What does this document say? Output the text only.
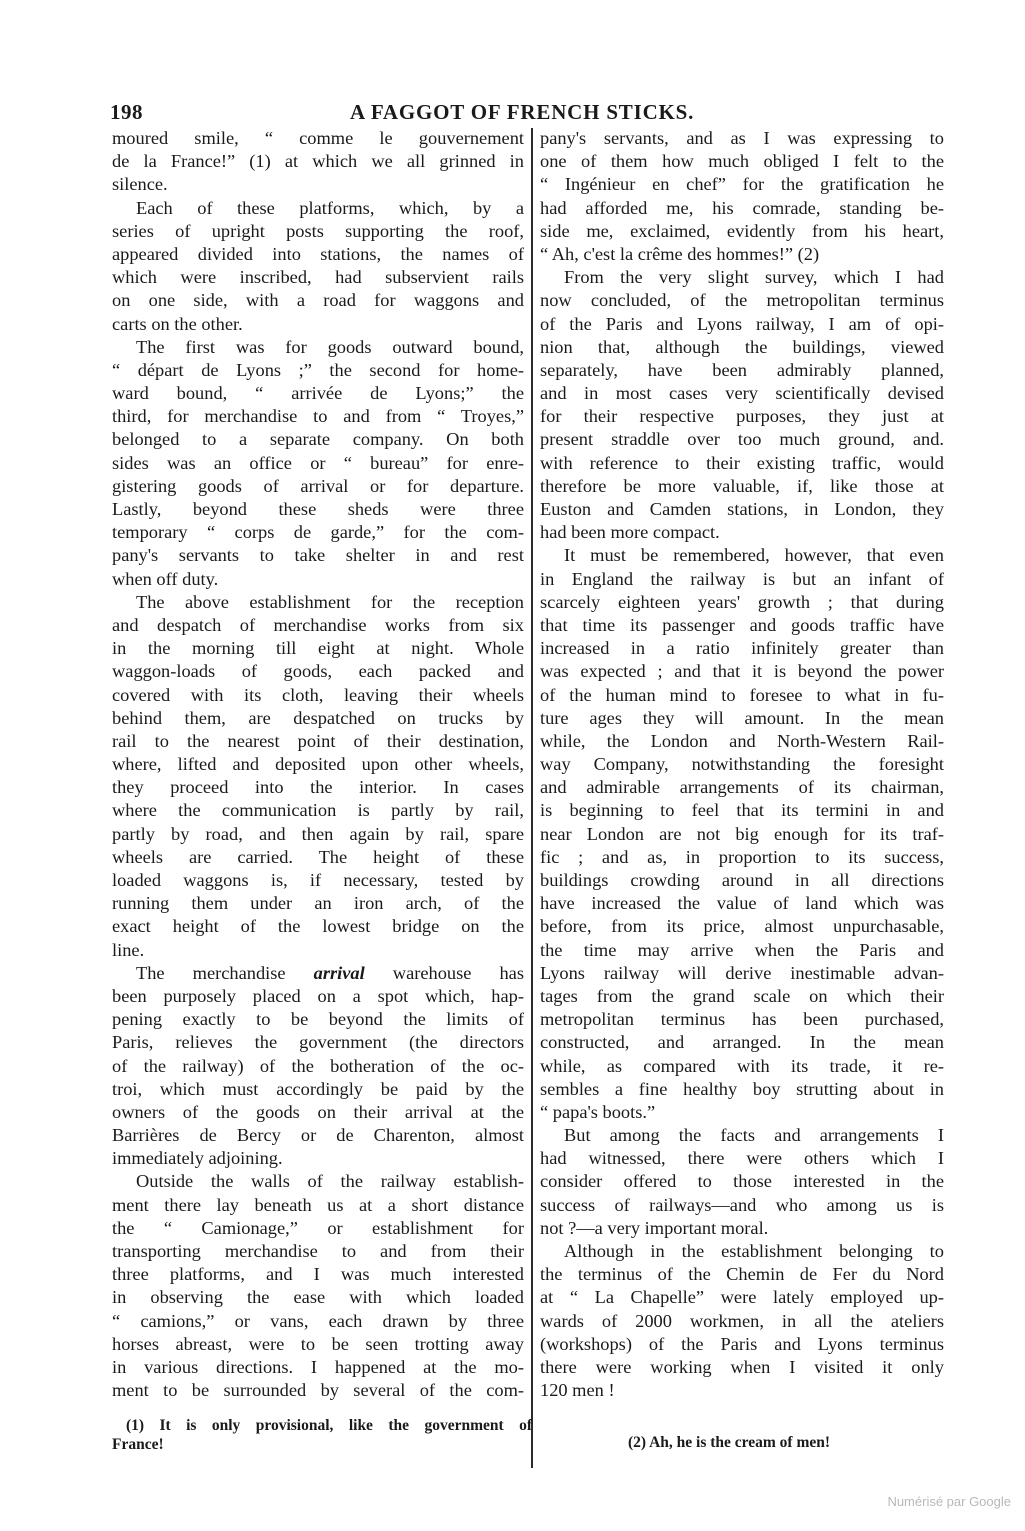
198	A FAGGOT OF FRENCH STICKS.
moured smile, “ comme le gouvernement
de la France!” (1) at which we all grinned in
silence.
Each of these platforms, which, by a
series of upright posts supporting the roof,
appeared divided into stations, the names of
which were inscribed, had subservient rails
on one side, with a road for waggons and
carts on the other.
The first was for goods outward bound,
“ départ de Lyons ;” the second for home-
ward bound, “ arrivée de Lyons;” the
third, for merchandise to and from “ Troyes,”
belonged to a separate company. On both
sides was an office or “ bureau” for enre-
gistering goods of arrival or for departure.
Lastly, beyond these sheds were three
temporary “ corps de garde,” for the com-
pany's servants to take shelter in and rest
when off duty.
The above establishment for the reception
and despatch of merchandise works from six
in the morning till eight at night. Whole
waggon-loads of goods, each packed and
covered with its cloth, leaving their wheels
behind them, are despatched on trucks by
rail to the nearest point of their destination,
where, lifted and deposited upon other wheels,
they proceed into the interior. In cases
where the communication is partly by rail,
partly by road, and then again by rail, spare
wheels are carried. The height of these
loaded waggons is, if necessary, tested by
running them under an iron arch, of the
exact height of the lowest bridge on the
line.
The merchandise arrival warehouse has
been purposely placed on a spot which, hap-
pening exactly to be beyond the limits of
Paris, relieves the government (the directors
of the railway) of the botheration of the oc-
troi, which must accordingly be paid by the
owners of the goods on their arrival at the
Barrières de Bercy or de Charenton, almost
immediately adjoining.
Outside the walls of the railway establish-
ment there lay beneath us at a short distance
the “ Camionage,” or establishment for
transporting merchandise to and from their
three platforms, and I was much interested
in observing the ease with which loaded
“ camions,” or vans, each drawn by three
horses abreast, were to be seen trotting away
in various directions. I happened at the mo-
ment to be surrounded by several of the com-
pany's servants, and as I was expressing to
one of them how much obliged I felt to the
“ Ingénieur en chef” for the gratification he
had afforded me, his comrade, standing be-
side me, exclaimed, evidently from his heart,
“ Ah, c'est la crême des hommes!” (2)
From the very slight survey, which I had
now concluded, of the metropolitan terminus
of the Paris and Lyons railway, I am of opi-
nion that, although the buildings, viewed
separately, have been admirably planned,
and in most cases very scientifically devised
for their respective purposes, they just at
present straddle over too much ground, and.
with reference to their existing traffic, would
therefore be more valuable, if, like those at
Euston and Camden stations, in London, they
had been more compact.
It must be remembered, however, that even
in England the railway is but an infant of
scarcely eighteen years' growth ; that during
that time its passenger and goods traffic have
increased in a ratio infinitely greater than
was expected ; and that it is beyond the power
of the human mind to foresee to what in fu-
ture ages they will amount. In the mean
while, the London and North-Western Rail-
way Company, notwithstanding the foresight
and admirable arrangements of its chairman,
is beginning to feel that its termini in and
near London are not big enough for its traf-
fic ; and as, in proportion to its success,
buildings crowding around in all directions
have increased the value of land which was
before, from its price, almost unpurchasable,
the time may arrive when the Paris and
Lyons railway will derive inestimable advan-
tages from the grand scale on which their
metropolitan terminus has been purchased,
constructed, and arranged. In the mean
while, as compared with its trade, it re-
sembles a fine healthy boy strutting about in
“ papa's boots.”
But among the facts and arrangements I
had witnessed, there were others which I
consider offered to those interested in the
success of railways—and who among us is
not ?—a very important moral.
Although in the establishment belonging to
the terminus of the Chemin de Fer du Nord
at “ La Chapelle” were lately employed up-
wards of 2000 workmen, in all the ateliers
(workshops) of the Paris and Lyons terminus
there were working when I visited it only
120 men !
(1) It is only provisional, like the government of
France!	(2) Ah, he is the cream of men!
Numérisé par Google
